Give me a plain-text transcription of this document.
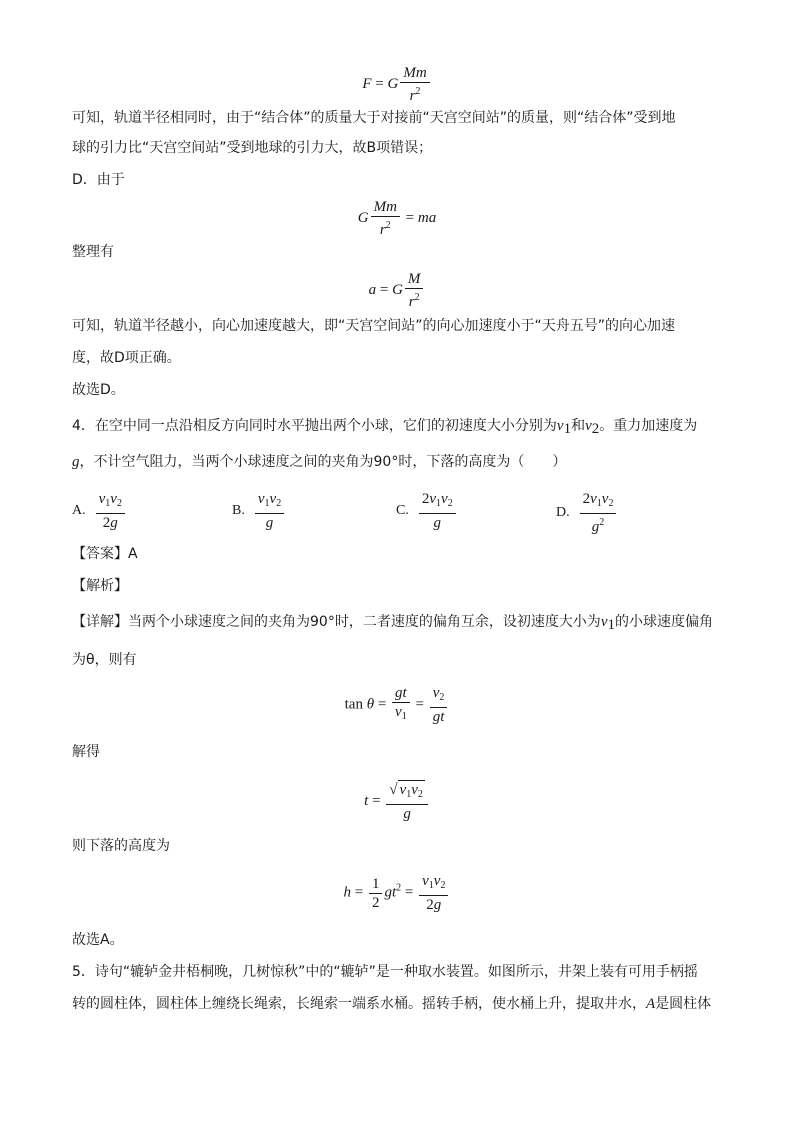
F = G $\frac{Mm}{r^2}$
可知，轨道半径相同时，由于“结合体”的质量大于对接前“天宫空间站”的质量，则“结合体”受到地
球的引力比“天宫空间站”受到地球的引力大，故B项错误；
D．由于
G $\frac{Mm}{r^2}$ = ma
整理有
a = G $\frac{M}{r^2}$
可知，轨道半径越小，向心加速度越大，即“天宫空间站”的向心加速度小于“天舟五号”的向心加速
度，故D项正确。
故选D。
4．在空中同一点沿相反方向同时水平抛出两个小球，它们的初速度大小分别为$v_1$和$v_2$。重力加速度为
g，不计空气阻力，当两个小球速度之间的夹角为90°时，下落的高度为（　　）
A. $\frac{v_1v_2}{2g}$	B. $\frac{v_1v_2}{g}$	C. $\frac{2v_1v_2}{g}$	D. $\frac{2v_1v_2}{g^2}$
【答案】A
【解析】
【详解】当两个小球速度之间的夹角为90°时，二者速度的偏角互余，设初速度大小为$v_1$的小球速度偏角
为θ，则有
$\tan \theta = \frac{gt}{v_1} = \frac{v_2}{gt}$
解得
$t = \frac{√ v_1v_2}{g}$
则下落的高度为
$h = \frac{1}{2} gt^2 = \frac{v_1v_2}{2g}$
故选A。
5．诗句“辘轳金井梧桐晚，几树惊秋”中的“辘轳”是一种取水装置。如图所示，井架上装有可用手柄摇
转的圆柱体，圆柱体上缠绕长绳索，长绳索一端系水桶。摇转手柄，使水桶上升，提取井水，A是圆柱体
